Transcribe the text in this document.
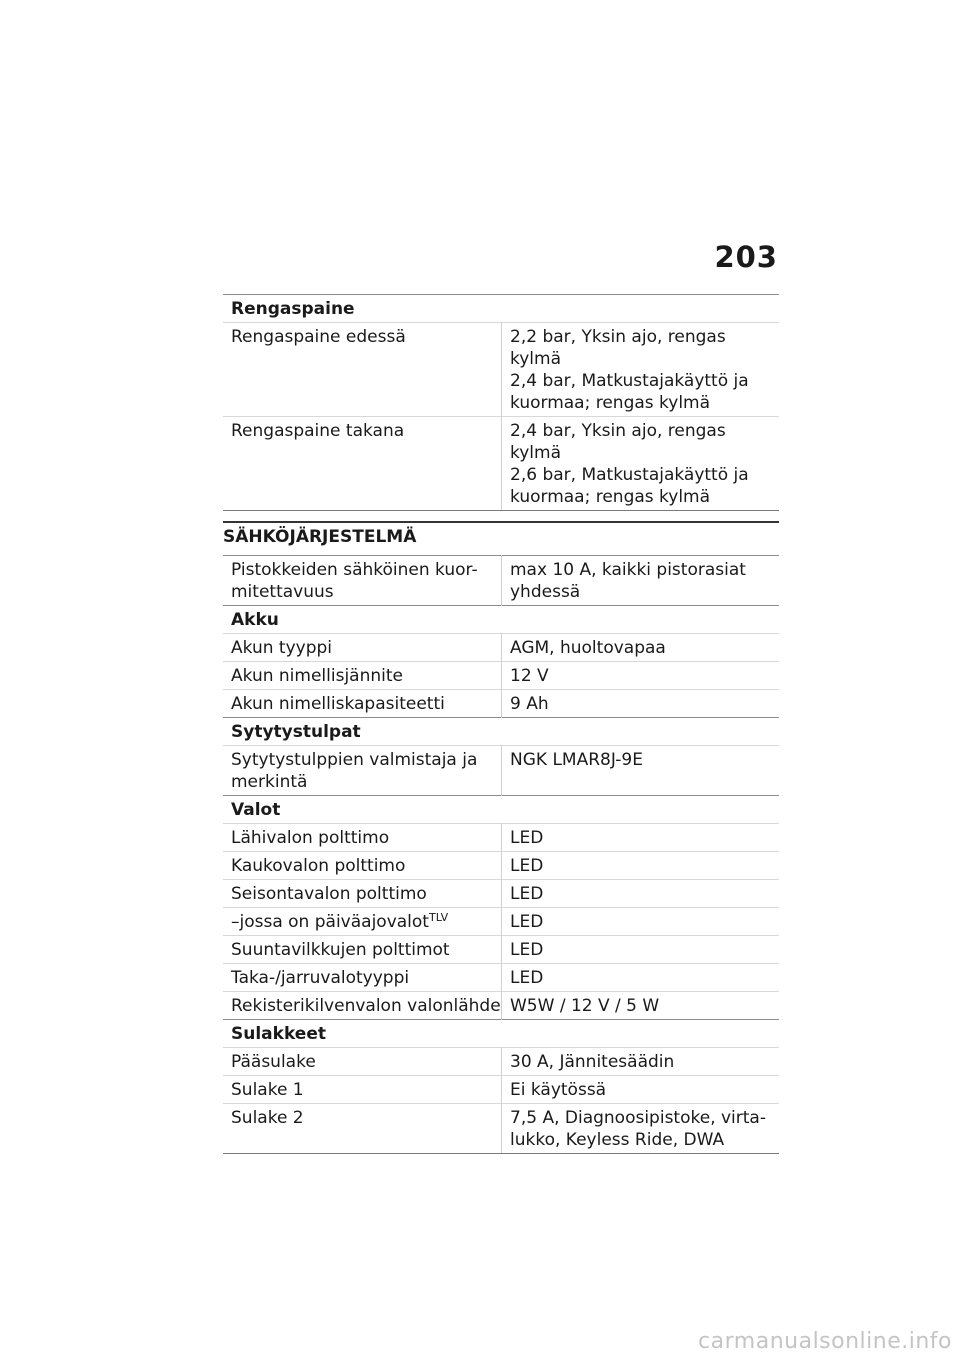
203
Rengaspaine	
Rengaspaine edessä	2,2 bar, Yksin ajo, rengas kylmä
2,4 bar, Matkustajakäyttö ja kuormaa; rengas kylmä

Rengaspaine takana	2,4 bar, Yksin ajo, rengas kylmä
2,6 bar, Matkustajakäyttö ja kuormaa; rengas kylmä
SÄHKÖJÄRJESTELMÄ
Pistokkeiden sähköinen kuor-mitettavuus	max 10 A, kaikki pistorasiat yhdessä
Akku	
Akun tyyppi	AGM, huoltovapaa
Akun nimellisjännite	12 V
Akun nimelliskapasiteetti	9 Ah
Sytytystulpat	
Sytytystulppien valmistaja ja merkintä	NGK LMAR8J-9E
Valot	
Lähivalon polttimo	LED
Kaukovalon polttimo	LED
Seisontavalon polttimo	LED
–jossa on päiväajovalot$^{TLV}$	LED
Suuntavilkkujen polttimot	LED
Taka-/jarruvalotyyppi	LED
Rekisterikilvenvalon valonlähde	W5W / 12 V / 5 W
Sulakkeet	
Pääsulake	30 A, Jännitesäädin
Sulake 1	Ei käytössä
Sulake 2	7,5 A, Diagnoosipistoke, virta-lukko, Keyless Ride, DWA
carmanualsonline.info
